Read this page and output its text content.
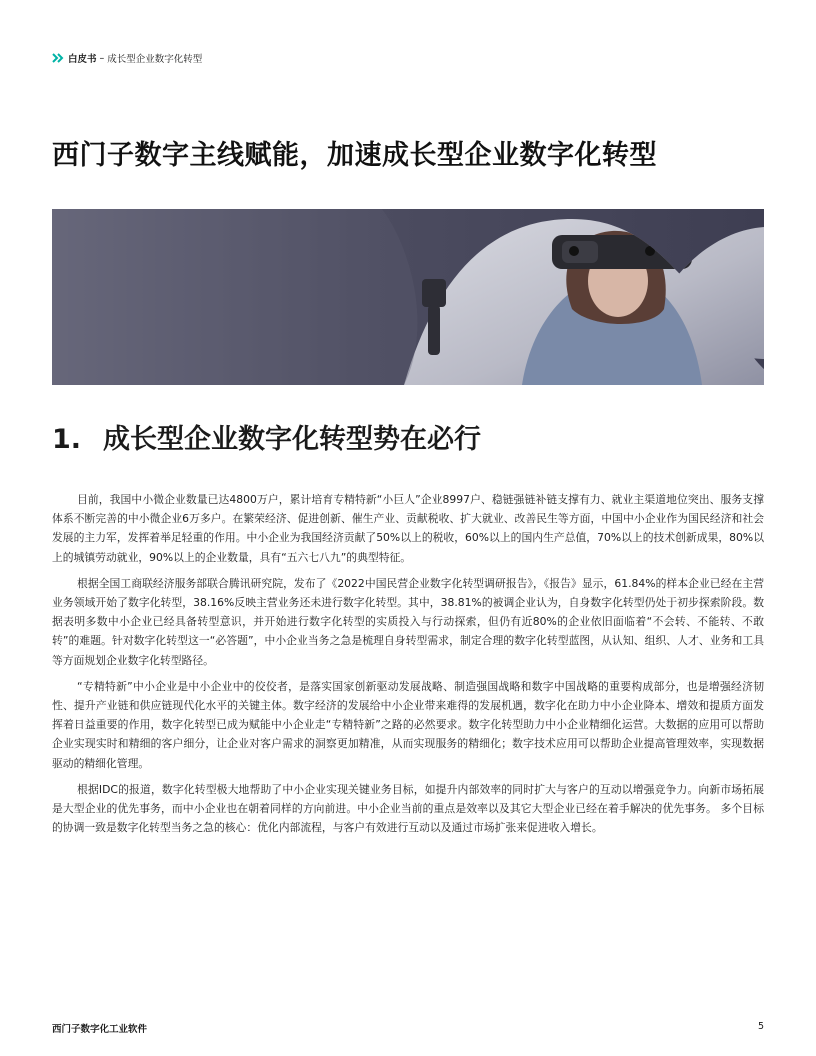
白皮书 – 成长型企业数字化转型
西门子数字主线赋能，加速成长型企业数字化转型
1. 成长型企业数字化转型势在必行

目前，我国中小微企业数量已达4800万户，累计培育专精特新“小巨人”企业8997户、稳链强链补链支撑有力、就业主渠道地位突出、服务支撑体系不断完善的中小微企业6万多户。在繁荣经济、促进创新、催生产业、贡献税收、扩大就业、改善民生等方面，中国中小企业作为国民经济和社会发展的主力军，发挥着举足轻重的作用。中小企业为我国经济贡献了50%以上的税收，60%以上的国内生产总值，70%以上的技术创新成果，80%以上的城镇劳动就业，90%以上的企业数量，具有“五六七八九”的典型特征。

根据全国工商联经济服务部联合腾讯研究院，发布了《2022中国民营企业数字化转型调研报告》，《报告》显示，61.84%的样本企业已经在主营业务领域开始了数字化转型，38.16%反映主营业务还未进行数字化转型。其中，38.81%的被调企业认为，自身数字化转型仍处于初步探索阶段。数据表明多数中小企业已经具备转型意识，并开始进行数字化转型的实质投入与行动探索，但仍有近80%的企业依旧面临着“不会转、不能转、不敢转”的难题。针对数字化转型这一“必答题”，中小企业当务之急是梳理自身转型需求，制定合理的数字化转型蓝图，从认知、组织、人才、业务和工具等方面规划企业数字化转型路径。

“专精特新”中小企业是中小企业中的佼佼者，是落实国家创新驱动发展战略、制造强国战略和数字中国战略的重要构成部分，也是增强经济韧性、提升产业链和供应链现代化水平的关键主体。数字经济的发展给中小企业带来难得的发展机遇，数字化在助力中小企业降本、增效和提质方面发挥着日益重要的作用，数字化转型已成为赋能中小企业走“专精特新”之路的必然要求。数字化转型助力中小企业精细化运营。大数据的应用可以帮助企业实现实时和精细的客户细分，让企业对客户需求的洞察更加精准，从而实现服务的精细化；数字技术应用可以帮助企业提高管理效率，实现数据驱动的精细化管理。

根据IDC的报道，数字化转型极大地帮助了中小企业实现关键业务目标，如提升内部效率的同时扩大与客户的互动以增强竞争力。向新市场拓展是大型企业的优先事务，而中小企业也在朝着同样的方向前进。中小企业当前的重点是效率以及其它大型企业已经在着手解决的优先事务。 多个目标的协调一致是数字化转型当务之急的核心：优化内部流程，与客户有效进行互动以及通过市场扩张来促进收入增长。

西门子数字化工业软件	5
